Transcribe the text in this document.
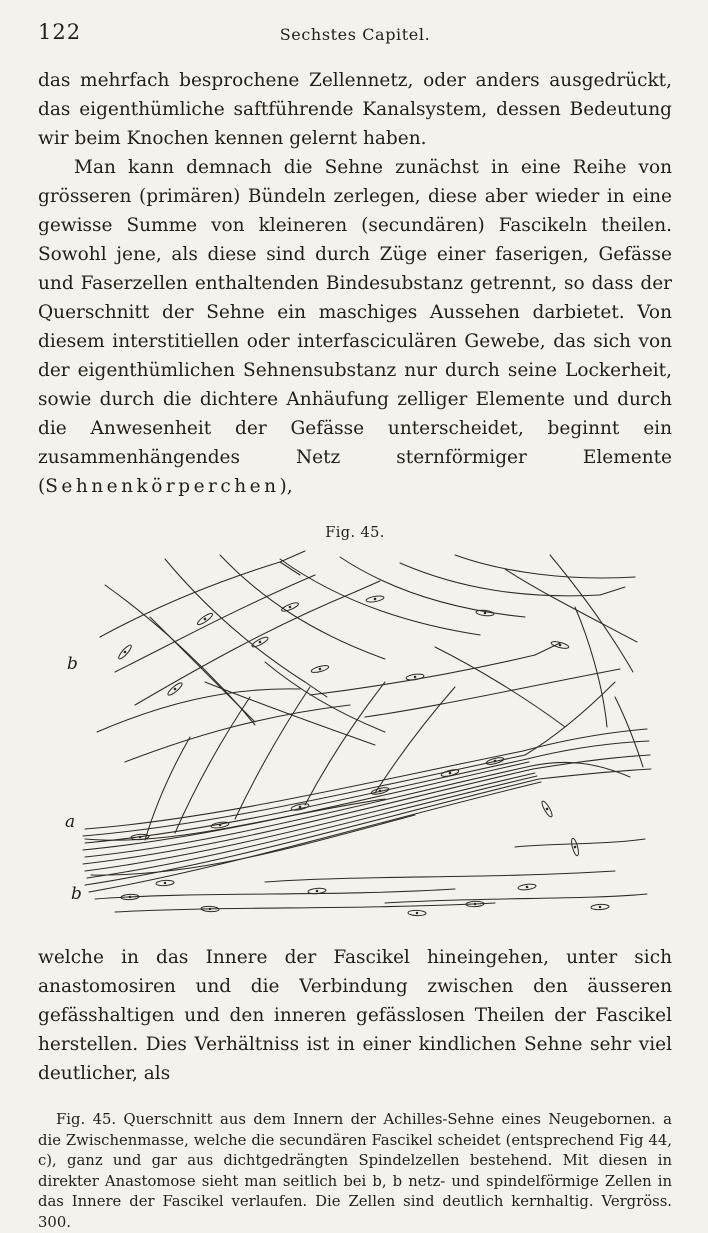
122	Sechstes Capitel.

das mehrfach besprochene Zellennetz, oder anders ausgedrückt, das eigenthümliche saftführende Kanalsystem, dessen Bedeutung wir beim Knochen kennen gelernt haben.

Man kann demnach die Sehne zunächst in eine Reihe von grösseren (primären) Bündeln zerlegen, diese aber wieder in eine gewisse Summe von kleineren (secundären) Fascikeln theilen. Sowohl jene, als diese sind durch Züge einer faserigen, Gefässe und Faserzellen enthaltenden Bindesubstanz getrennt, so dass der Querschnitt der Sehne ein maschiges Aussehen darbietet. Von diesem interstitiellen oder interfasciculären Gewebe, das sich von der eigenthümlichen Sehnensubstanz nur durch seine Lockerheit, sowie durch die dichtere Anhäufung zelliger Elemente und durch die Anwesenheit der Gefässe unterscheidet, beginnt ein zusammenhängendes Netz sternförmiger Elemente (Sehnenkörperchen),

Fig. 45.
b
a
b

welche in das Innere der Fascikel hineingehen, unter sich anastomosiren und die Verbindung zwischen den äusseren gefässhaltigen und den inneren gefässlosen Theilen der Fascikel herstellen. Dies Verhältniss ist in einer kindlichen Sehne sehr viel deutlicher, als

Fig. 45. Querschnitt aus dem Innern der Achilles-Sehne eines Neugebornen. a die Zwischenmasse, welche die secundären Fascikel scheidet (entsprechend Fig 44, c), ganz und gar aus dichtgedrängten Spindelzellen bestehend. Mit diesen in direkter Anastomose sieht man seitlich bei b, b netz- und spindelförmige Zellen in das Innere der Fascikel verlaufen. Die Zellen sind deutlich kernhaltig. Vergröss. 300.
